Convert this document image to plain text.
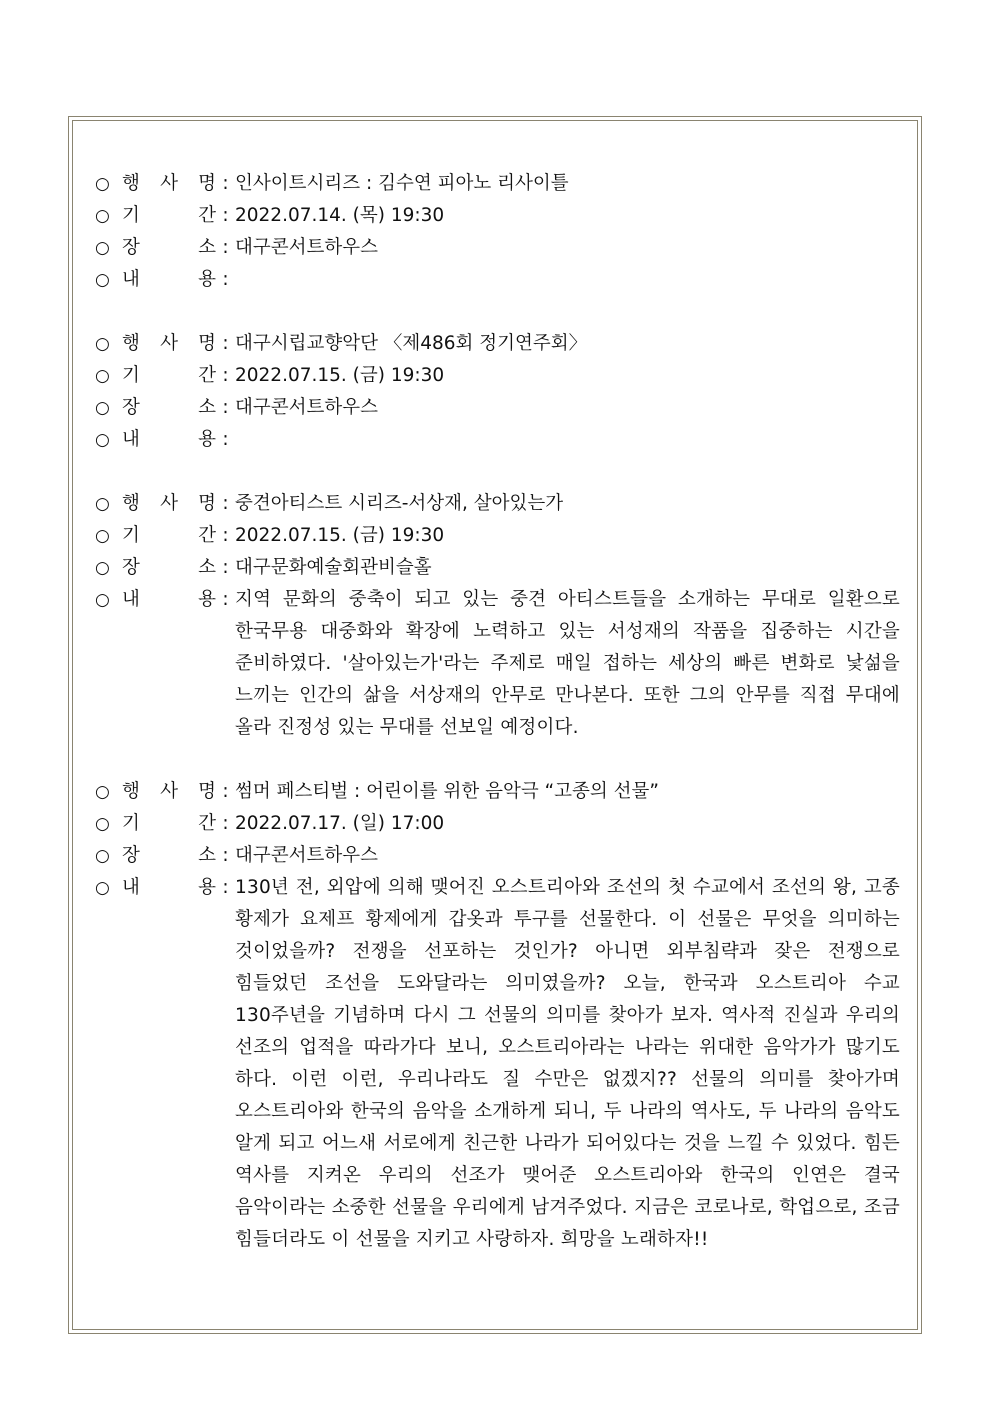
○ 행 사 명 : 인사이트시리즈 : 김수연 피아노 리사이틀
○ 기	간 : 2022.07.14. (목) 19:30
○ 장	소 : 대구콘서트하우스
○ 내	용 :
○ 행 사 명 : 대구시립교향악단 〈제486회 정기연주회〉
○ 기	간 : 2022.07.15. (금) 19:30
○ 장	소 : 대구콘서트하우스
○ 내	용 :
○ 행 사 명 : 중견아티스트 시리즈-서상재, 살아있는가
○ 기	간 : 2022.07.15. (금) 19:30
○ 장	소 : 대구문화예술회관비슬홀
○ 내	용 : 지역 문화의 중축이 되고 있는 중견 아티스트들을 소개하는 무대로 일환으로 한국무용 대중화와 확장에 노력하고 있는 서성재의 작품을 집중하는 시간을 준비하였다. '살아있는가'라는 주제로 매일 접하는 세상의 빠른 변화로 낯섦을 느끼는 인간의 삶을 서상재의 안무로 만나본다. 또한 그의 안무를 직접 무대에 올라 진정성 있는 무대를 선보일 예정이다.
○ 행 사 명 : 썸머 페스티벌 : 어린이를 위한 음악극 “고종의 선물”
○ 기	간 : 2022.07.17. (일) 17:00
○ 장	소 : 대구콘서트하우스
○ 내	용 : 130년 전, 외압에 의해 맺어진 오스트리아와 조선의 첫 수교에서 조선의 왕, 고종 황제가 요제프 황제에게 갑옷과 투구를 선물한다. 이 선물은 무엇을 의미하는 것이었을까? 전쟁을 선포하는 것인가? 아니면 외부침략과 잦은 전쟁으로 힘들었던 조선을 도와달라는 의미였을까? 오늘, 한국과 오스트리아 수교 130주년을 기념하며 다시 그 선물의 의미를 찾아가 보자. 역사적 진실과 우리의 선조의 업적을 따라가다 보니, 오스트리아라는 나라는 위대한 음악가가 많기도 하다. 이런 이런, 우리나라도 질 수만은 없겠지?? 선물의 의미를 찾아가며 오스트리아와 한국의 음악을 소개하게 되니, 두 나라의 역사도, 두 나라의 음악도 알게 되고 어느새 서로에게 친근한 나라가 되어있다는 것을 느낄 수 있었다. 힘든 역사를 지켜온 우리의 선조가 맺어준 오스트리아와 한국의 인연은 결국 음악이라는 소중한 선물을 우리에게 남겨주었다. 지금은 코로나로, 학업으로, 조금 힘들더라도 이 선물을 지키고 사랑하자. 희망을 노래하자!!
